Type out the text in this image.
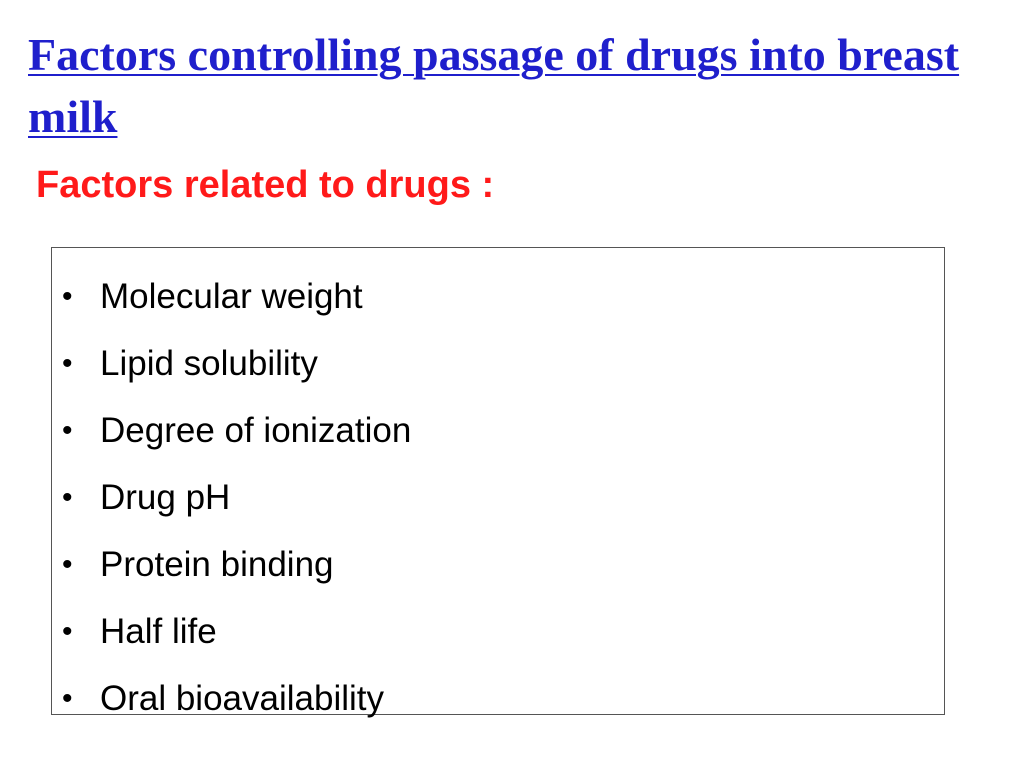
Factors controlling passage of drugs into breast milk
Factors related to drugs :
• Molecular weight
• Lipid solubility
• Degree of ionization
• Drug pH
• Protein binding
• Half life
• Oral bioavailability
